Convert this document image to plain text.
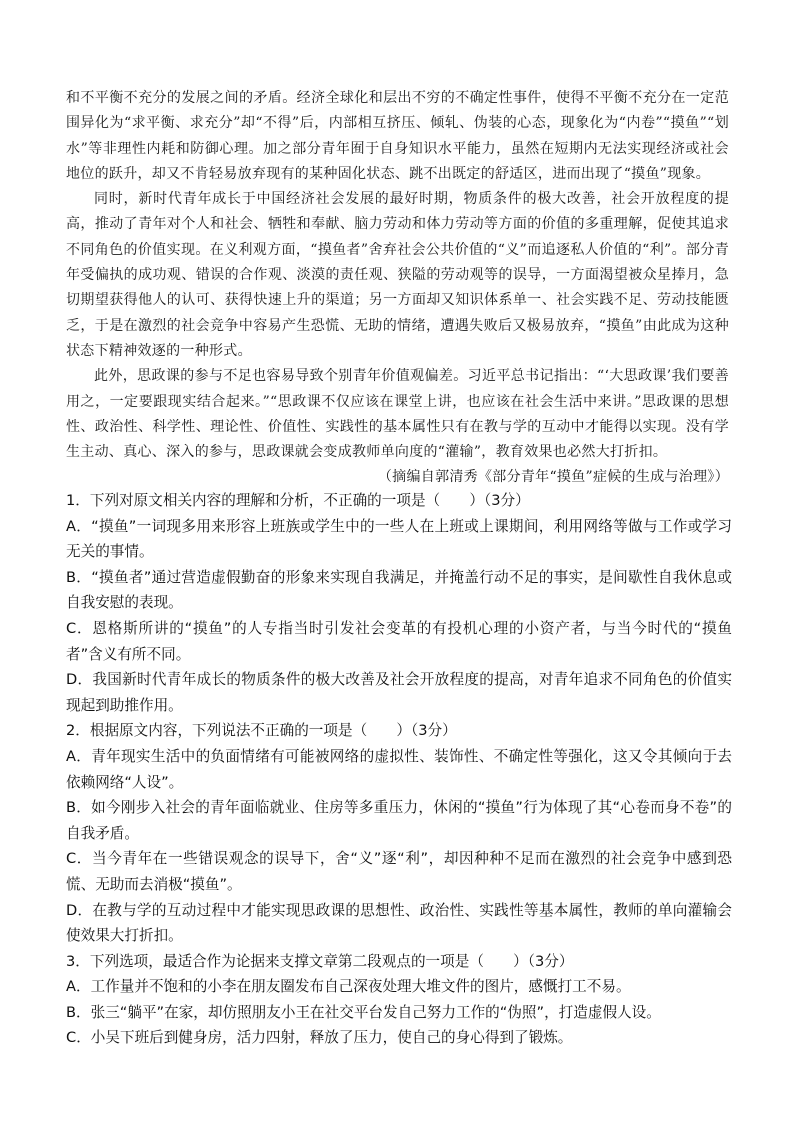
和不平衡不充分的发展之间的矛盾。经济全球化和层出不穷的不确定性事件，使得不平衡不充分在一定范围异化为“求平衡、求充分”却“不得”后，内部相互挤压、倾轧、伪装的心态，现象化为“内卷”“摸鱼”“划水”等非理性内耗和防御心理。加之部分青年囿于自身知识水平能力，虽然在短期内无法实现经济或社会地位的跃升，却又不肯轻易放弃现有的某种固化状态、跳不出既定的舒适区，进而出现了“摸鱼”现象。

同时，新时代青年成长于中国经济社会发展的最好时期，物质条件的极大改善，社会开放程度的提高，推动了青年对个人和社会、牺牲和奉献、脑力劳动和体力劳动等方面的价值的多重理解，促使其追求不同角色的价值实现。在义利观方面，“摸鱼者”舍弃社会公共价值的“义”而追逐私人价值的“利”。部分青年受偏执的成功观、错误的合作观、淡漠的责任观、狭隘的劳动观等的误导，一方面渴望被众星捧月，急切期望获得他人的认可、获得快速上升的渠道；另一方面却又知识体系单一、社会实践不足、劳动技能匮乏，于是在激烈的社会竞争中容易产生恐慌、无助的情绪，遭遇失败后又极易放弃，“摸鱼”由此成为这种状态下精神效逐的一种形式。

此外，思政课的参与不足也容易导致个别青年价值观偏差。习近平总书记指出：“‘大思政课’我们要善用之，一定要跟现实结合起来。”“思政课不仅应该在课堂上讲，也应该在社会生活中来讲。”思政课的思想性、政治性、科学性、理论性、价值性、实践性的基本属性只有在教与学的互动中才能得以实现。没有学生主动、真心、深入的参与，思政课就会变成教师单向度的“灌输”，教育效果也必然大打折扣。

（摘编自郭清秀《部分青年“摸鱼”症候的生成与治理》）

1．下列对原文相关内容的理解和分析，不正确的一项是（　　）（3分）

A．“摸鱼”一词现多用来形容上班族或学生中的一些人在上班或上课期间，利用网络等做与工作或学习无关的事情。

B．“摸鱼者”通过营造虚假勤奋的形象来实现自我满足，并掩盖行动不足的事实，是间歇性自我休息或自我安慰的表现。

C．恩格斯所讲的“摸鱼”的人专指当时引发社会变革的有投机心理的小资产者，与当今时代的“摸鱼者”含义有所不同。

D．我国新时代青年成长的物质条件的极大改善及社会开放程度的提高，对青年追求不同角色的价值实现起到助推作用。

2．根据原文内容，下列说法不正确的一项是（　　）（3分）

A．青年现实生活中的负面情绪有可能被网络的虚拟性、装饰性、不确定性等强化，这又令其倾向于去依赖网络“人设”。

B．如今刚步入社会的青年面临就业、住房等多重压力，休闲的“摸鱼”行为体现了其“心卷而身不卷”的自我矛盾。

C．当今青年在一些错误观念的误导下，舍“义”逐“利”，却因种种不足而在激烈的社会竞争中感到恐慌、无助而去消极“摸鱼”。

D．在教与学的互动过程中才能实现思政课的思想性、政治性、实践性等基本属性，教师的单向灌输会使效果大打折扣。

3．下列选项，最适合作为论据来支撑文章第二段观点的一项是（　　）（3分）

A．工作量并不饱和的小李在朋友圈发布自己深夜处理大堆文件的图片，感慨打工不易。

B．张三“躺平”在家，却仿照朋友小王在社交平台发自己努力工作的“伪照”，打造虚假人设。

C．小吴下班后到健身房，活力四射，释放了压力，使自己的身心得到了锻炼。
